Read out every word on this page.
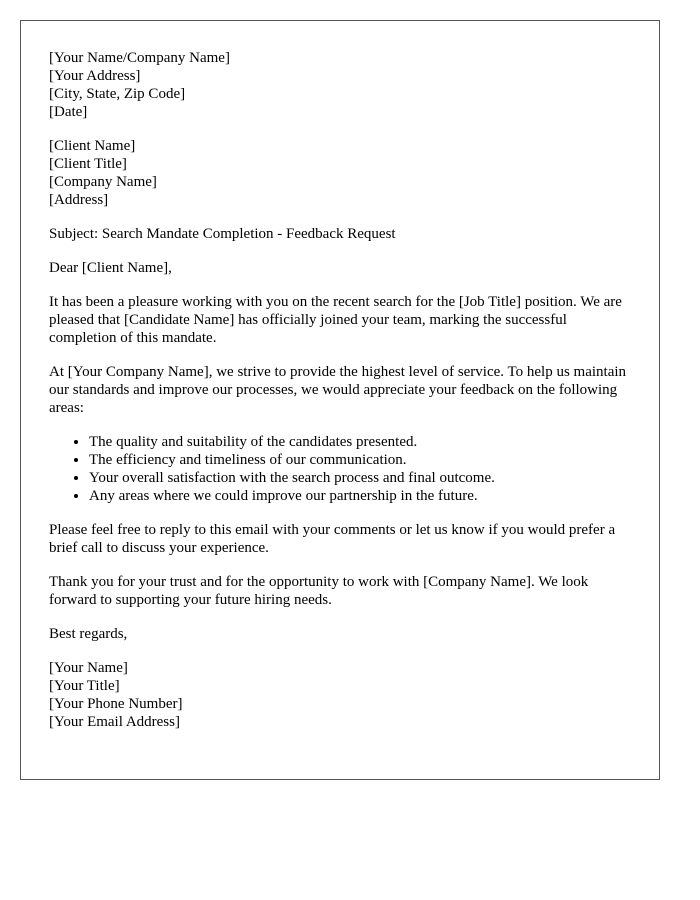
[Your Name/Company Name]
[Your Address]
[City, State, Zip Code]
[Date]
[Client Name]
[Client Title]
[Company Name]
[Address]

Subject: Search Mandate Completion - Feedback Request

Dear [Client Name],

It has been a pleasure working with you on the recent search for the [Job Title] position. We are pleased that [Candidate Name] has officially joined your team, marking the successful completion of this mandate.

At [Your Company Name], we strive to provide the highest level of service. To help us maintain our standards and improve our processes, we would appreciate your feedback on the following areas:

• The quality and suitability of the candidates presented.
• The efficiency and timeliness of our communication.
• Your overall satisfaction with the search process and final outcome.
• Any areas where we could improve our partnership in the future.

Please feel free to reply to this email with your comments or let us know if you would prefer a brief call to discuss your experience.

Thank you for your trust and for the opportunity to work with [Company Name]. We look forward to supporting your future hiring needs.

Best regards,

[Your Name]
[Your Title]
[Your Phone Number]
[Your Email Address]
